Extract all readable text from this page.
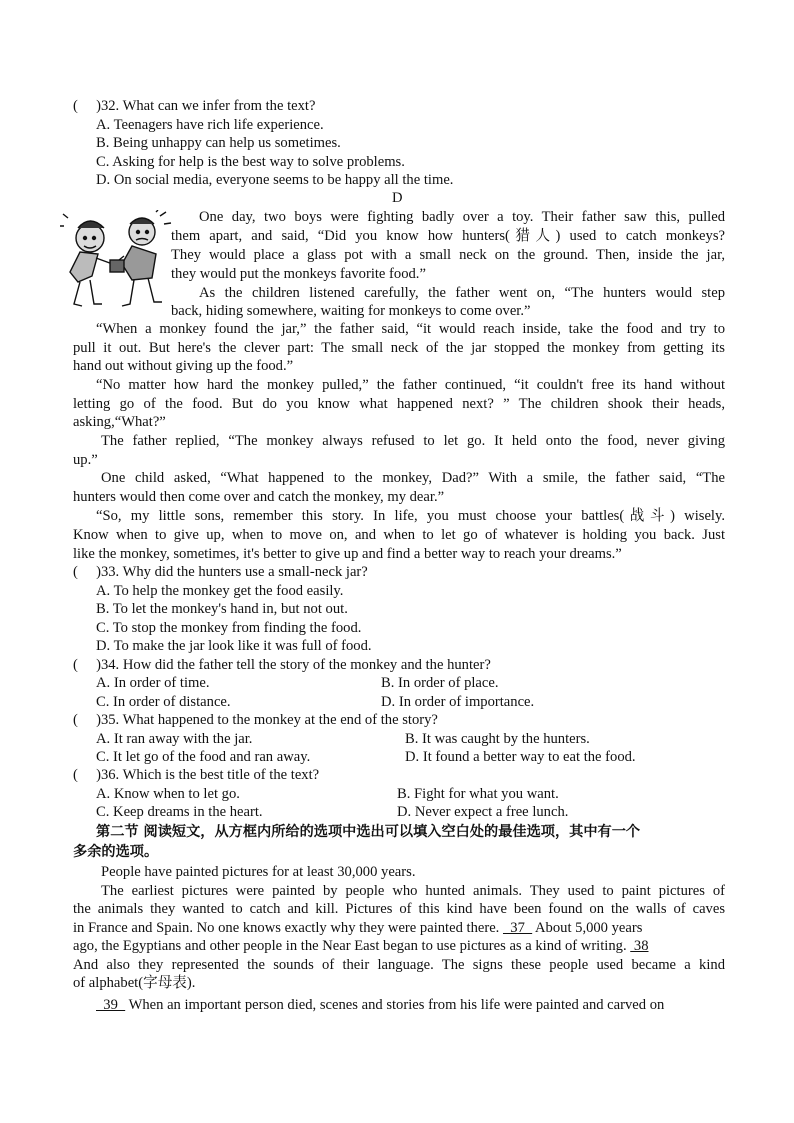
(     )32. What can we infer from the text?
A. Teenagers have rich life experience.
B. Being unhappy can help us sometimes.
C. Asking for help is the best way to solve problems.
D. On social media, everyone seems to be happy all the time.
D
One day, two boys were fighting badly over a toy. Their father saw this, pulled
them apart, and said, “Did you know how hunters(猎人) used to catch monkeys?
They would place a glass pot with a small neck on the ground. Then, inside the jar,
they would put the monkeys favorite food.”
As the children listened carefully, the father went on, “The hunters would step
back, hiding somewhere, waiting for monkeys to come over.”
“When a monkey found the jar,” the father said, “it would reach inside, take the food and try to
pull it out. But here's the clever part: The small neck of the jar stopped the monkey from getting its
hand out without giving up the food.”
“No matter how hard the monkey pulled,” the father continued, “it couldn't free its hand without
letting go of the food. But do you know what happened next? ” The children shook their heads,
asking,“What?”
The father replied, “The monkey always refused to let go. It held onto the food, never giving
up.”
One child asked, “What happened to the monkey, Dad?” With a smile, the father said, “The
hunters would then come over and catch the monkey, my dear.”
“So, my little sons, remember this story. In life, you must choose your battles(战斗) wisely.
Know when to give up, when to move on, and when to let go of whatever is holding you back. Just
like the monkey, sometimes, it's better to give up and find a better way to reach your dreams.”
(     )33. Why did the hunters use a small-neck jar?
A. To help the monkey get the food easily.
B. To let the monkey's hand in, but not out.
C. To stop the monkey from finding the food.
D. To make the jar look like it was full of food.
(     )34. How did the father tell the story of the monkey and the hunter?
A. In order of time.	B. In order of place.
C. In order of distance.	D. In order of importance.
(     )35. What happened to the monkey at the end of the story?
A. It ran away with the jar.	B. It was caught by the hunters.
C. It let go of the food and ran away.	D. It found a better way to eat the food.
(     )36. Which is the best title of the text?
A. Know when to let go.	B. Fight for what you want.
C. Keep dreams in the heart.	D. Never expect a free lunch.
第二节 阅读短文，从方框内所给的选项中选出可以填入空白处的最佳选项，其中有一个
多余的选项。
People have painted pictures for at least 30,000 years.
The earliest pictures were painted by people who hunted animals. They used to paint pictures of
the animals they wanted to catch and kill. Pictures of this kind have been found on the walls of caves
in France and Spain. No one knows exactly why they were painted there.   37   About 5,000 years
ago, the Egyptians and other people in the Near East began to use pictures as a kind of writing.  38
And also they represented the sounds of their language. The signs these people used became a kind
of alphabet(字母表).
39   When an important person died, scenes and stories from his life were painted and carved on
